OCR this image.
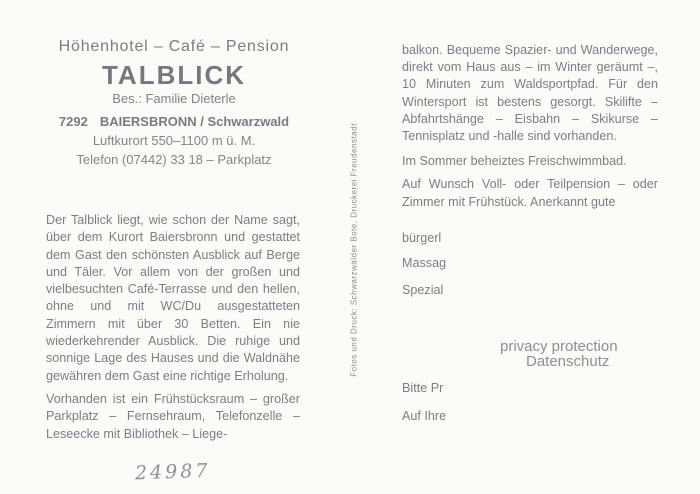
Höhenhotel – Café – Pension
TALBLICK
Bes.: Familie Dieterle
7292 BAIERSBRONN / Schwarzwald
Luftkurort 550–1100 m ü. M.
Telefon (07442) 33 18 – Parkplatz

Der Talblick liegt, wie schon der Name sagt, über dem Kurort Baiersbronn und gestattet dem Gast den schönsten Ausblick auf Berge und Täler. Vor allem von der großen und vielbesuchten Café-Terrasse und den hellen, ohne und mit WC/Du ausgestatteten Zimmern mit über 30 Betten. Ein nie wiederkehrender Ausblick. Die ruhige und sonnige Lage des Hauses und die Waldnähe gewähren dem Gast eine richtige Erholung.

Vorhanden ist ein Frühstücksraum – großer Parkplatz – Fernsehraum, Telefonzelle – Leseecke mit Bibliothek – Liege-

24987
Fotos und Druck: Schwarzwälder Bote, Druckerei Freudenstadt

balkon. Bequeme Spazier- und Wanderwege, direkt vom Haus aus – im Winter geräumt –, 10 Minuten zum Waldsportpfad. Für den Wintersport ist bestens gesorgt. Skilifte – Abfahrtshänge – Eisbahn – Skikurse – Tennisplatz und -halle sind vorhanden.

Im Sommer beheiztes Freischwimmbad.

Auf Wunsch Voll- oder Teilpension – oder Zimmer mit Frühstück. Anerkannt gute

bürgerl
Massag
Spezial
Bitte Pr
Auf Ihre
privacy protection
Datenschutz
